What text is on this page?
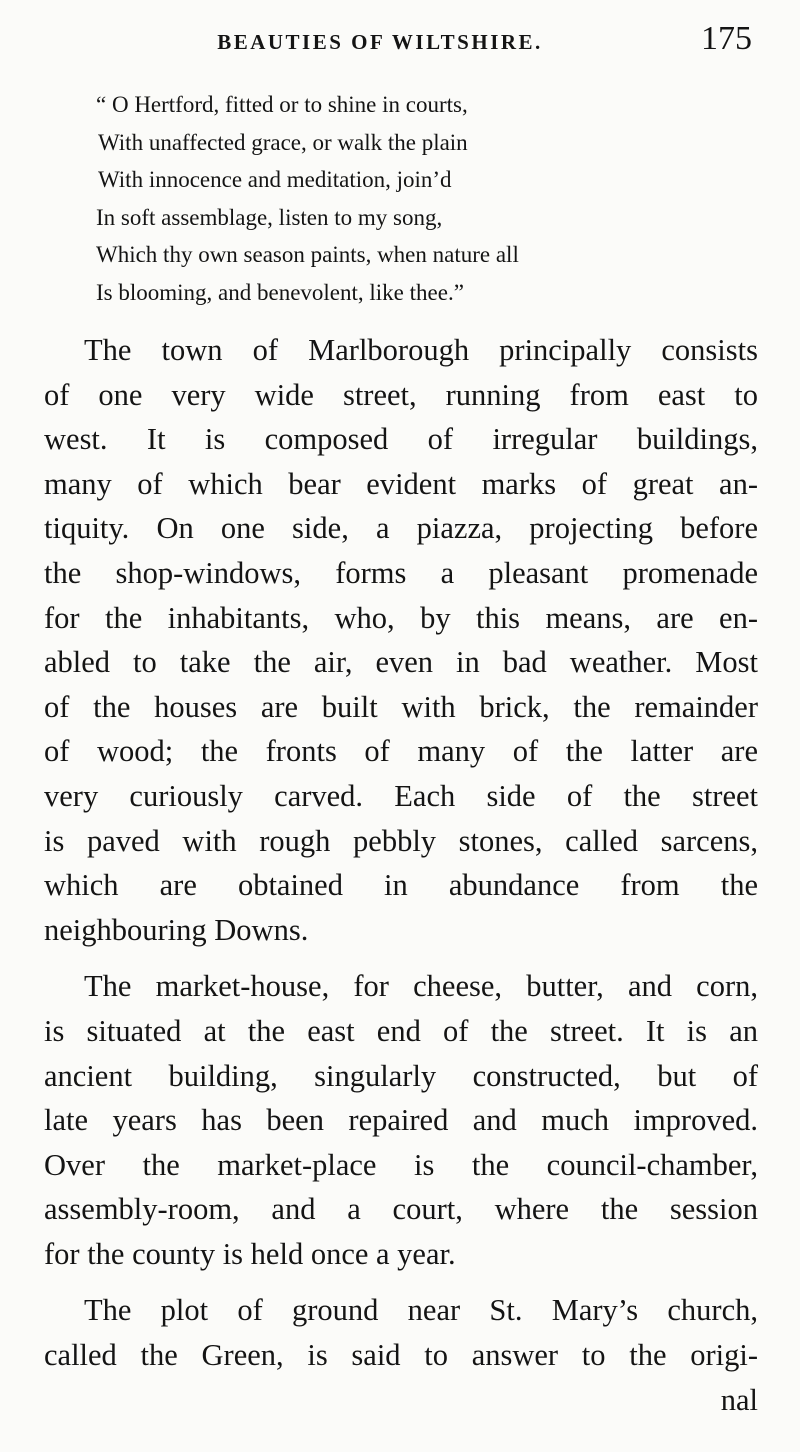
BEAUTIES OF WILTSHIRE.	175
“ O Hertford, fitted or to shine in courts,
With unaffected grace, or walk the plain
With innocence and meditation, join’d
In soft assemblage, listen to my song,
Which thy own season paints, when nature all
Is blooming, and benevolent, like thee.”
The town of Marlborough principally consists
of one very wide street, running from east to
west. It is composed of irregular buildings,
many of which bear evident marks of great an-
tiquity. On one side, a piazza, projecting before
the shop-windows, forms a pleasant promenade
for the inhabitants, who, by this means, are en-
abled to take the air, even in bad weather. Most
of the houses are built with brick, the remainder
of wood; the fronts of many of the latter are
very curiously carved. Each side of the street
is paved with rough pebbly stones, called sarcens,
which are obtained in abundance from the
neighbouring Downs.
The market-house, for cheese, butter, and corn,
is situated at the east end of the street. It is an
ancient building, singularly constructed, but of
late years has been repaired and much improved.
Over the market-place is the council-chamber,
assembly-room, and a court, where the session
for the county is held once a year.
The plot of ground near St. Mary’s church,
called the Green, is said to answer to the origi-
nal
